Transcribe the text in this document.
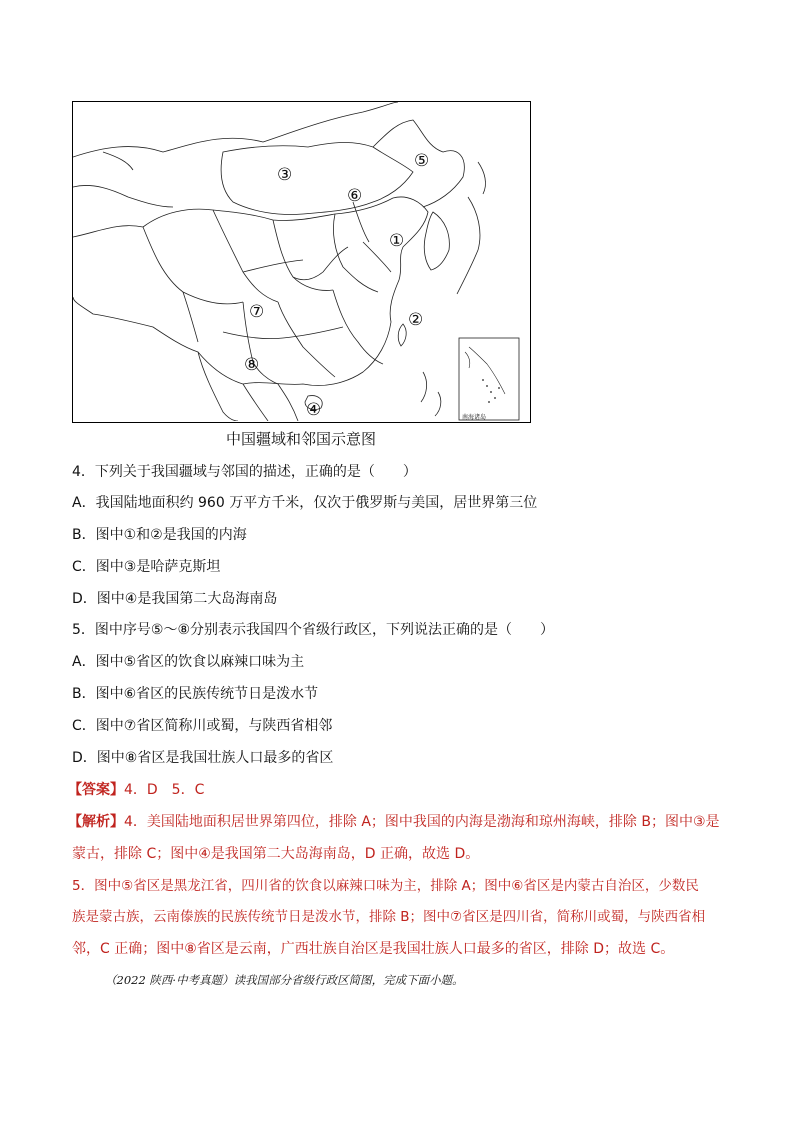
①
②
③
④
⑤
⑥
⑦
⑧
南海诸岛
中国疆域和邻国示意图
4．下列关于我国疆域与邻国的描述，正确的是（　　）
A．我国陆地面积约 960 万平方千米，仅次于俄罗斯与美国，居世界第三位
B．图中①和②是我国的内海
C．图中③是哈萨克斯坦
D．图中④是我国第二大岛海南岛
5．图中序号⑤～⑧分别表示我国四个省级行政区，下列说法正确的是（　　）
A．图中⑤省区的饮食以麻辣口味为主
B．图中⑥省区的民族传统节日是泼水节
C．图中⑦省区简称川或蜀，与陕西省相邻
D．图中⑧省区是我国壮族人口最多的省区
【答案】4．D　5．C
【解析】4．美国陆地面积居世界第四位，排除 A；图中我国的内海是渤海和琼州海峡，排除 B；图中③是
蒙古，排除 C；图中④是我国第二大岛海南岛，D 正确，故选 D。
5．图中⑤省区是黑龙江省，四川省的饮食以麻辣口味为主，排除 A；图中⑥省区是内蒙古自治区，少数民
族是蒙古族，云南傣族的民族传统节日是泼水节，排除 B；图中⑦省区是四川省，简称川或蜀，与陕西省相
邻，C 正确；图中⑧省区是云南，广西壮族自治区是我国壮族人口最多的省区，排除 D；故选 C。
（2022 陕西·中考真题）读我国部分省级行政区简图，完成下面小题。
